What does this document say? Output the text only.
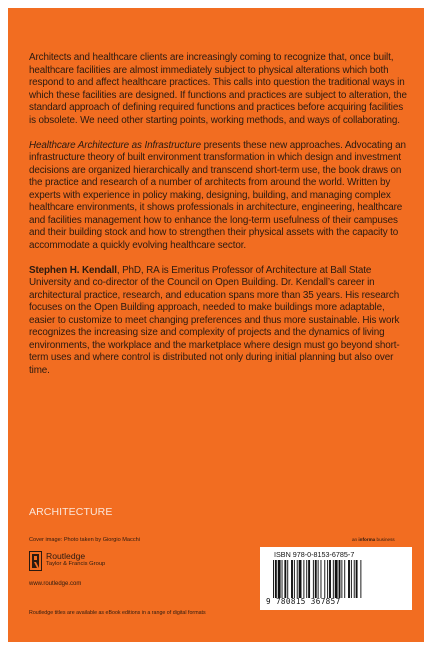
Architects and healthcare clients are increasingly coming to recognize that, once built, healthcare facilities are almost immediately subject to physical alterations which both respond to and affect healthcare practices. This calls into question the traditional ways in which these facilities are designed. If functions and practices are subject to alteration, the standard approach of defining required functions and practices before acquiring facilities is obsolete. We need other starting points, working methods, and ways of collaborating.

Healthcare Architecture as Infrastructure presents these new approaches. Advocating an infrastructure theory of built environment transformation in which design and investment decisions are organized hierarchically and transcend short-term use, the book draws on the practice and research of a number of architects from around the world. Written by experts with experience in policy making, designing, building, and managing complex healthcare environments, it shows professionals in architecture, engineering, healthcare and facilities management how to enhance the long-term usefulness of their campuses and their building stock and how to strengthen their physical assets with the capacity to accommodate a quickly evolving healthcare sector.

Stephen H. Kendall, PhD, RA is Emeritus Professor of Architecture at Ball State University and co-director of the Council on Open Building. Dr. Kendall’s career in architectural practice, research, and education spans more than 35 years. His research focuses on the Open Building approach, needed to make buildings more adaptable, easier to customize to meet changing preferences and thus more sustainable. His work recognizes the increasing size and complexity of projects and the dynamics of living environments, the workplace and the marketplace where design must go beyond short-term uses and where control is distributed not only during initial planning but also over time.

ARCHITECTURE
Cover image: Photo taken by Giorgio Macchi
Routledge
Taylor & Francis Group
www.routledge.com
Routledge titles are available as eBook editions in a range of digital formats
an informa business
ISBN 978-0-8153-6785-7
9 780815 367857
